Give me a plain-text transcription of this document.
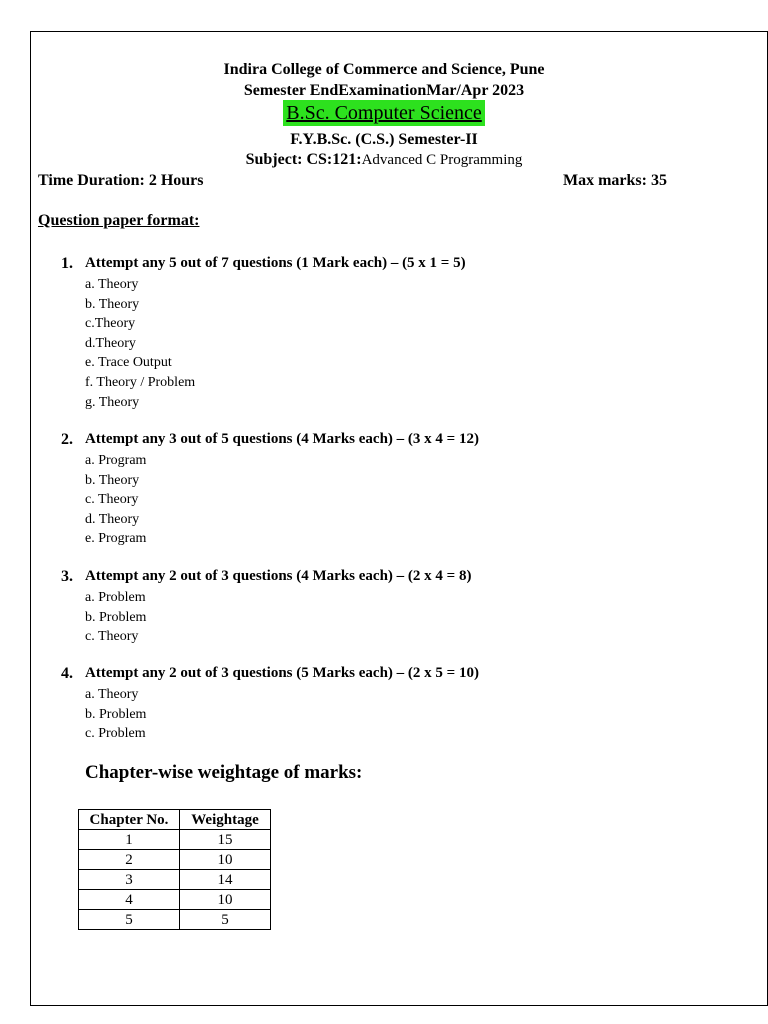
Indira College of Commerce and Science, Pune
Semester EndExaminationMar/Apr 2023
B.Sc. Computer Science
F.Y.B.Sc. (C.S.) Semester-II
Subject: CS:121:Advanced C Programming
Time Duration: 2 Hours	Max marks: 35
Question paper format:
1. Attempt any 5 out of 7 questions (1 Mark each) – (5 x 1 = 5)
a. Theory
b. Theory
c.Theory
d.Theory
e. Trace Output
f. Theory / Problem
g. Theory
2. Attempt any 3 out of 5 questions (4 Marks each) – (3 x 4 = 12)
a. Program
b. Theory
c. Theory
d. Theory
e. Program
3. Attempt any 2 out of 3 questions (4 Marks each) – (2 x 4 = 8)
a. Problem
b. Problem
c. Theory
4. Attempt any 2 out of 3 questions (5 Marks each) – (2 x 5 = 10)
a. Theory
b. Problem
c. Problem
Chapter-wise weightage of marks:
Chapter No.	Weightage
1	15
2	10
3	14
4	10
5	5
